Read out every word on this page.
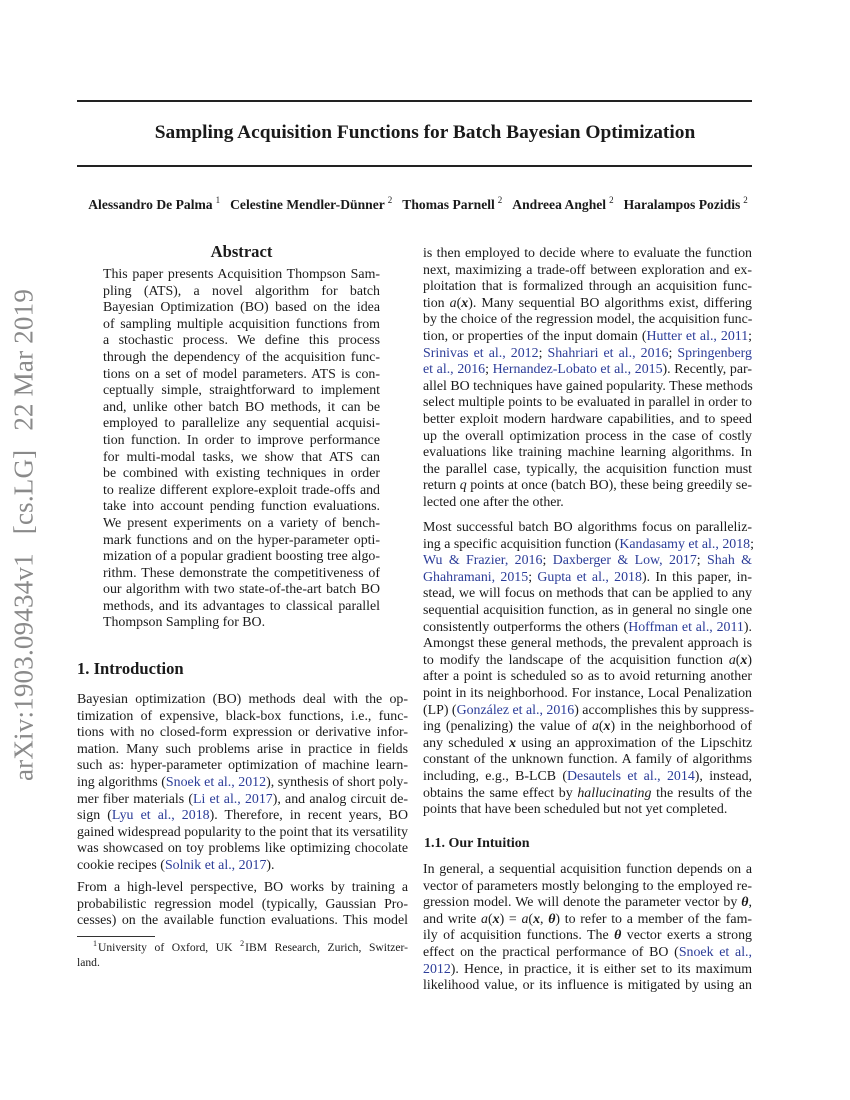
arXiv:1903.09434v1 [cs.LG] 22 Mar 2019
Sampling Acquisition Functions for Batch Bayesian Optimization
Alessandro De Palma $^1$ Celestine Mendler-Dünner $^2$ Thomas Parnell $^2$ Andreea Anghel $^2$ Haralampos Pozidis $^2$
Abstract
This paper presents Acquisition Thompson Sam-
pling (ATS), a novel algorithm for batch
Bayesian Optimization (BO) based on the idea
of sampling multiple acquisition functions from
a stochastic process. We define this process
through the dependency of the acquisition func-
tions on a set of model parameters. ATS is con-
ceptually simple, straightforward to implement
and, unlike other batch BO methods, it can be
employed to parallelize any sequential acquisi-
tion function. In order to improve performance
for multi-modal tasks, we show that ATS can
be combined with existing techniques in order
to realize different explore-exploit trade-offs and
take into account pending function evaluations.
We present experiments on a variety of bench-
mark functions and on the hyper-parameter opti-
mization of a popular gradient boosting tree algo-
rithm. These demonstrate the competitiveness of
our algorithm with two state-of-the-art batch BO
methods, and its advantages to classical parallel
Thompson Sampling for BO.
1. Introduction
Bayesian optimization (BO) methods deal with the op-
timization of expensive, black-box functions, i.e., func-
tions with no closed-form expression or derivative infor-
mation. Many such problems arise in practice in fields
such as: hyper-parameter optimization of machine learn-
ing algorithms (Snoek et al., 2012), synthesis of short poly-
mer fiber materials (Li et al., 2017), and analog circuit de-
sign (Lyu et al., 2018). Therefore, in recent years, BO
gained widespread popularity to the point that its versatility
was showcased on toy problems like optimizing chocolate
cookie recipes (Solnik et al., 2017).
From a high-level perspective, BO works by training a
probabilistic regression model (typically, Gaussian Pro-
cesses) on the available function evaluations. This model
$^1$University of Oxford, UK $^2$IBM Research, Zurich, Switzer-
land.
is then employed to decide where to evaluate the function
next, maximizing a trade-off between exploration and ex-
ploitation that is formalized through an acquisition func-
tion a(x). Many sequential BO algorithms exist, differing
by the choice of the regression model, the acquisition func-
tion, or properties of the input domain (Hutter et al., 2011;
Srinivas et al., 2012; Shahriari et al., 2016; Springenberg
et al., 2016; Hernandez-Lobato et al., 2015). Recently, par-
allel BO techniques have gained popularity. These methods
select multiple points to be evaluated in parallel in order to
better exploit modern hardware capabilities, and to speed
up the overall optimization process in the case of costly
evaluations like training machine learning algorithms. In
the parallel case, typically, the acquisition function must
return q points at once (batch BO), these being greedily se-
lected one after the other.
Most successful batch BO algorithms focus on paralleliz-
ing a specific acquisition function (Kandasamy et al., 2018;
Wu & Frazier, 2016; Daxberger & Low, 2017; Shah &
Ghahramani, 2015; Gupta et al., 2018). In this paper, in-
stead, we will focus on methods that can be applied to any
sequential acquisition function, as in general no single one
consistently outperforms the others (Hoffman et al., 2011).
Amongst these general methods, the prevalent approach is
to modify the landscape of the acquisition function a(x)
after a point is scheduled so as to avoid returning another
point in its neighborhood. For instance, Local Penalization
(LP) (González et al., 2016) accomplishes this by suppress-
ing (penalizing) the value of a(x) in the neighborhood of
any scheduled x using an approximation of the Lipschitz
constant of the unknown function. A family of algorithms
including, e.g., B-LCB (Desautels et al., 2014), instead,
obtains the same effect by hallucinating the results of the
points that have been scheduled but not yet completed.
1.1. Our Intuition
In general, a sequential acquisition function depends on a
vector of parameters mostly belonging to the employed re-
gression model. We will denote the parameter vector by θ,
and write a(x) = a(x, θ) to refer to a member of the fam-
ily of acquisition functions. The θ vector exerts a strong
effect on the practical performance of BO (Snoek et al.,
2012). Hence, in practice, it is either set to its maximum
likelihood value, or its influence is mitigated by using an
